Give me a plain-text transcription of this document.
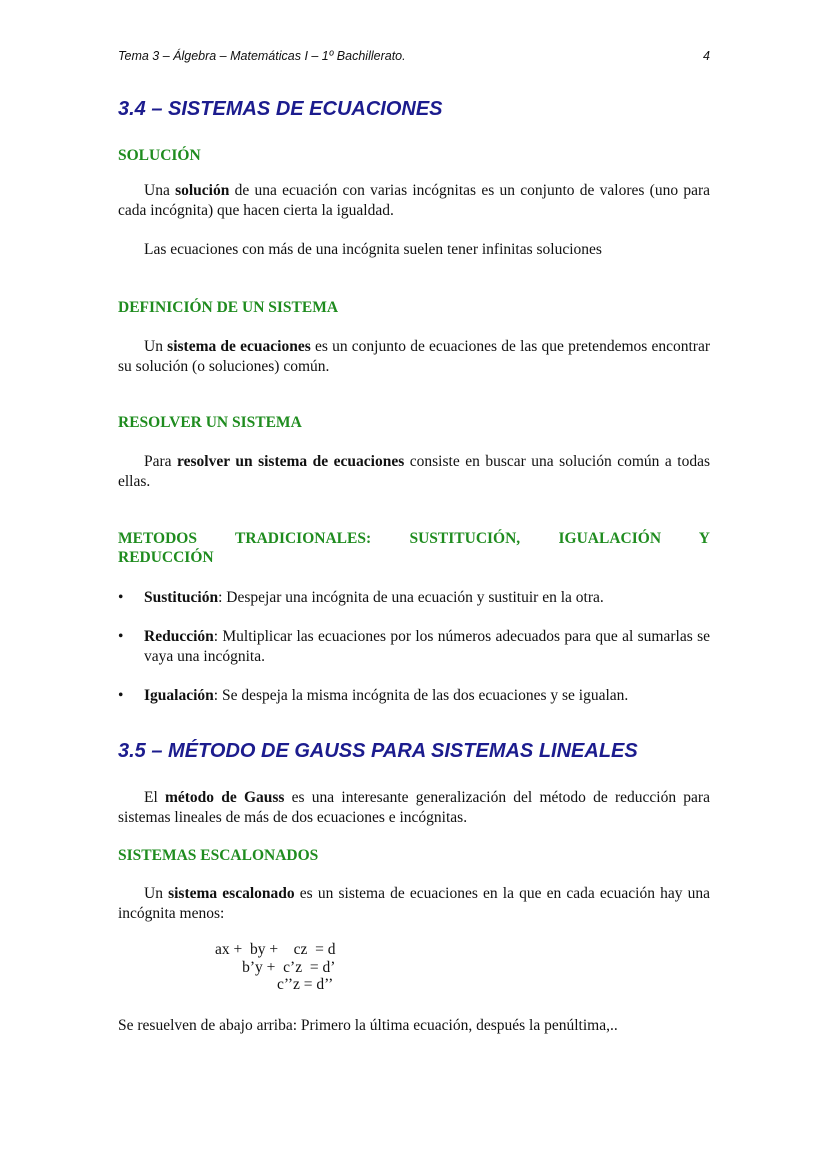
Tema 3 – Álgebra – Matemáticas I – 1º Bachillerato.	4
3.4 – SISTEMAS DE ECUACIONES
SOLUCIÓN
Una solución de una ecuación con varias incógnitas es un conjunto de valores (uno para cada incógnita) que hacen cierta la igualdad.
Las ecuaciones con más de una incógnita suelen tener infinitas soluciones
DEFINICIÓN DE UN SISTEMA
Un sistema de ecuaciones es un conjunto de ecuaciones de las que pretendemos encontrar su solución (o soluciones) común.
RESOLVER UN SISTEMA
Para resolver un sistema de ecuaciones consiste en buscar una solución común a todas ellas.
METODOS TRADICIONALES: SUSTITUCIÓN, IGUALACIÓN Y
REDUCCIÓN
• Sustitución: Despejar una incógnita de una ecuación y sustituir en la otra.
• Reducción: Multiplicar las ecuaciones por los números adecuados para que al sumarlas se vaya una incógnita.
• Igualación: Se despeja la misma incógnita de las dos ecuaciones y se igualan.
3.5 – MÉTODO DE GAUSS PARA SISTEMAS LINEALES
El método de Gauss es una interesante generalización del método de reducción para sistemas lineales de más de dos ecuaciones e incógnitas.
SISTEMAS ESCALONADOS
Un sistema escalonado es un sistema de ecuaciones en la que en cada ecuación hay una incógnita menos:
ax +  by +    cz  = d
b’y +  c’z  = d’
c’’z = d’’
Se resuelven de abajo arriba: Primero la última ecuación, después la penúltima,..
